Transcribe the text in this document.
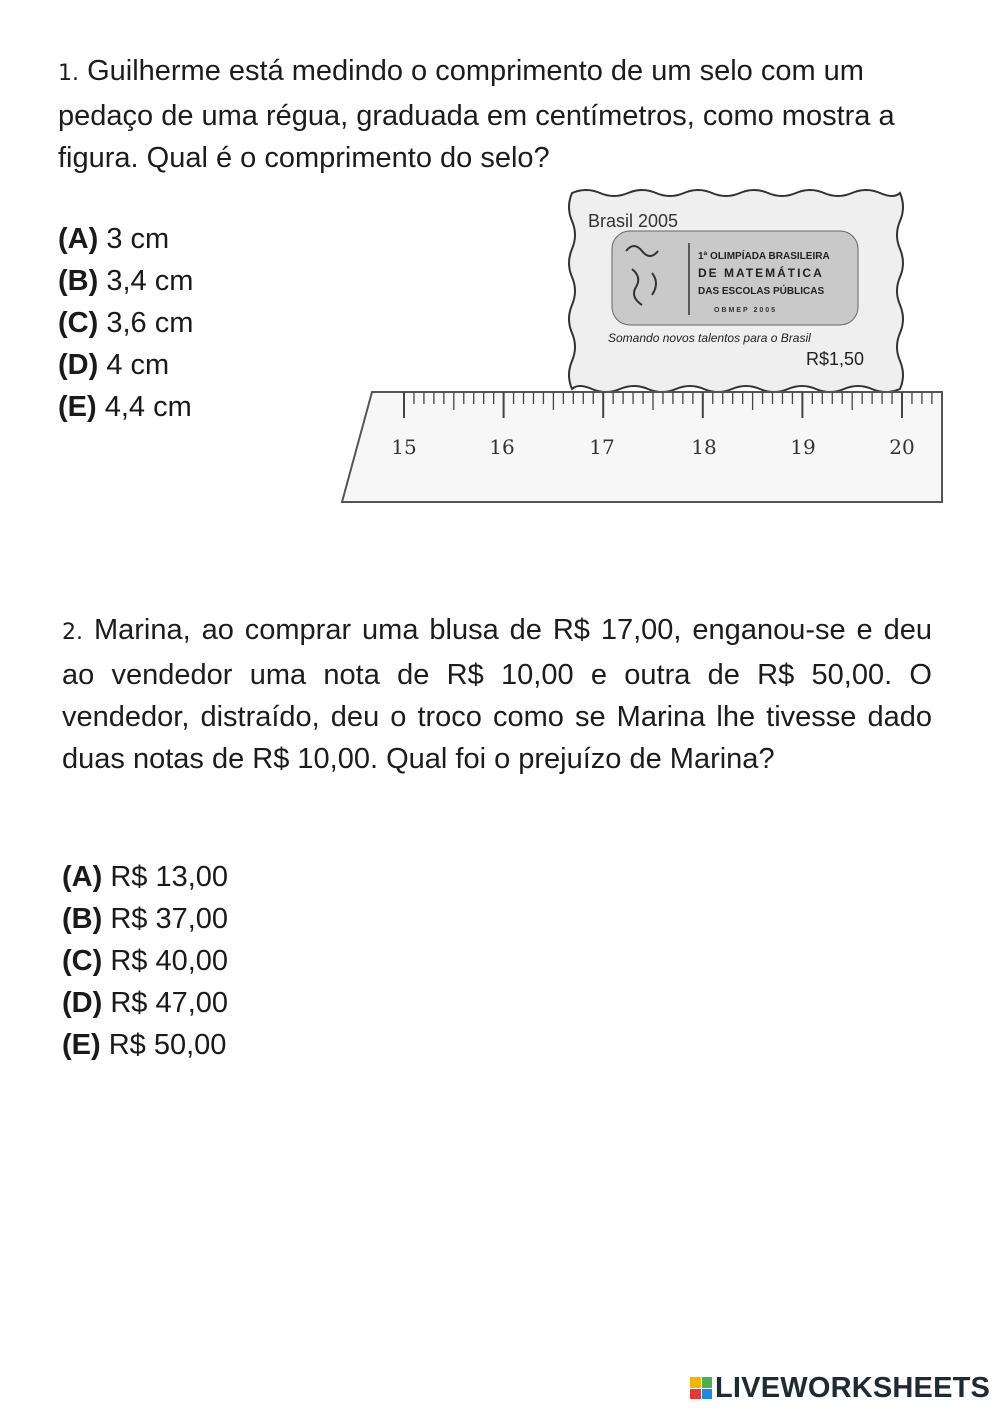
1. Guilherme está medindo o comprimento de um selo com um pedaço de uma régua, graduada em centímetros, como mostra a figura. Qual é o comprimento do selo?
(A) 3 cm
(B) 3,4 cm
(C) 3,6 cm
(D) 4 cm
(E) 4,4 cm
Brasil 2005
1ª OLIMPÍADA BRASILEIRA
DE MATEMÁTICA
DAS ESCOLAS PÚBLICAS
OBMEP 2005
Somando novos talentos para o Brasil
R$1,50
15	16	17	18	19	20
2. Marina, ao comprar uma blusa de R$ 17,00, enganou-se e deu ao vendedor uma nota de R$ 10,00 e outra de R$ 50,00. O vendedor, distraído, deu o troco como se Marina lhe tivesse dado duas notas de R$ 10,00. Qual foi o prejuízo de Marina?
(A) R$ 13,00
(B) R$ 37,00
(C) R$ 40,00
(D) R$ 47,00
(E) R$ 50,00
LIVEWORKSHEETS
